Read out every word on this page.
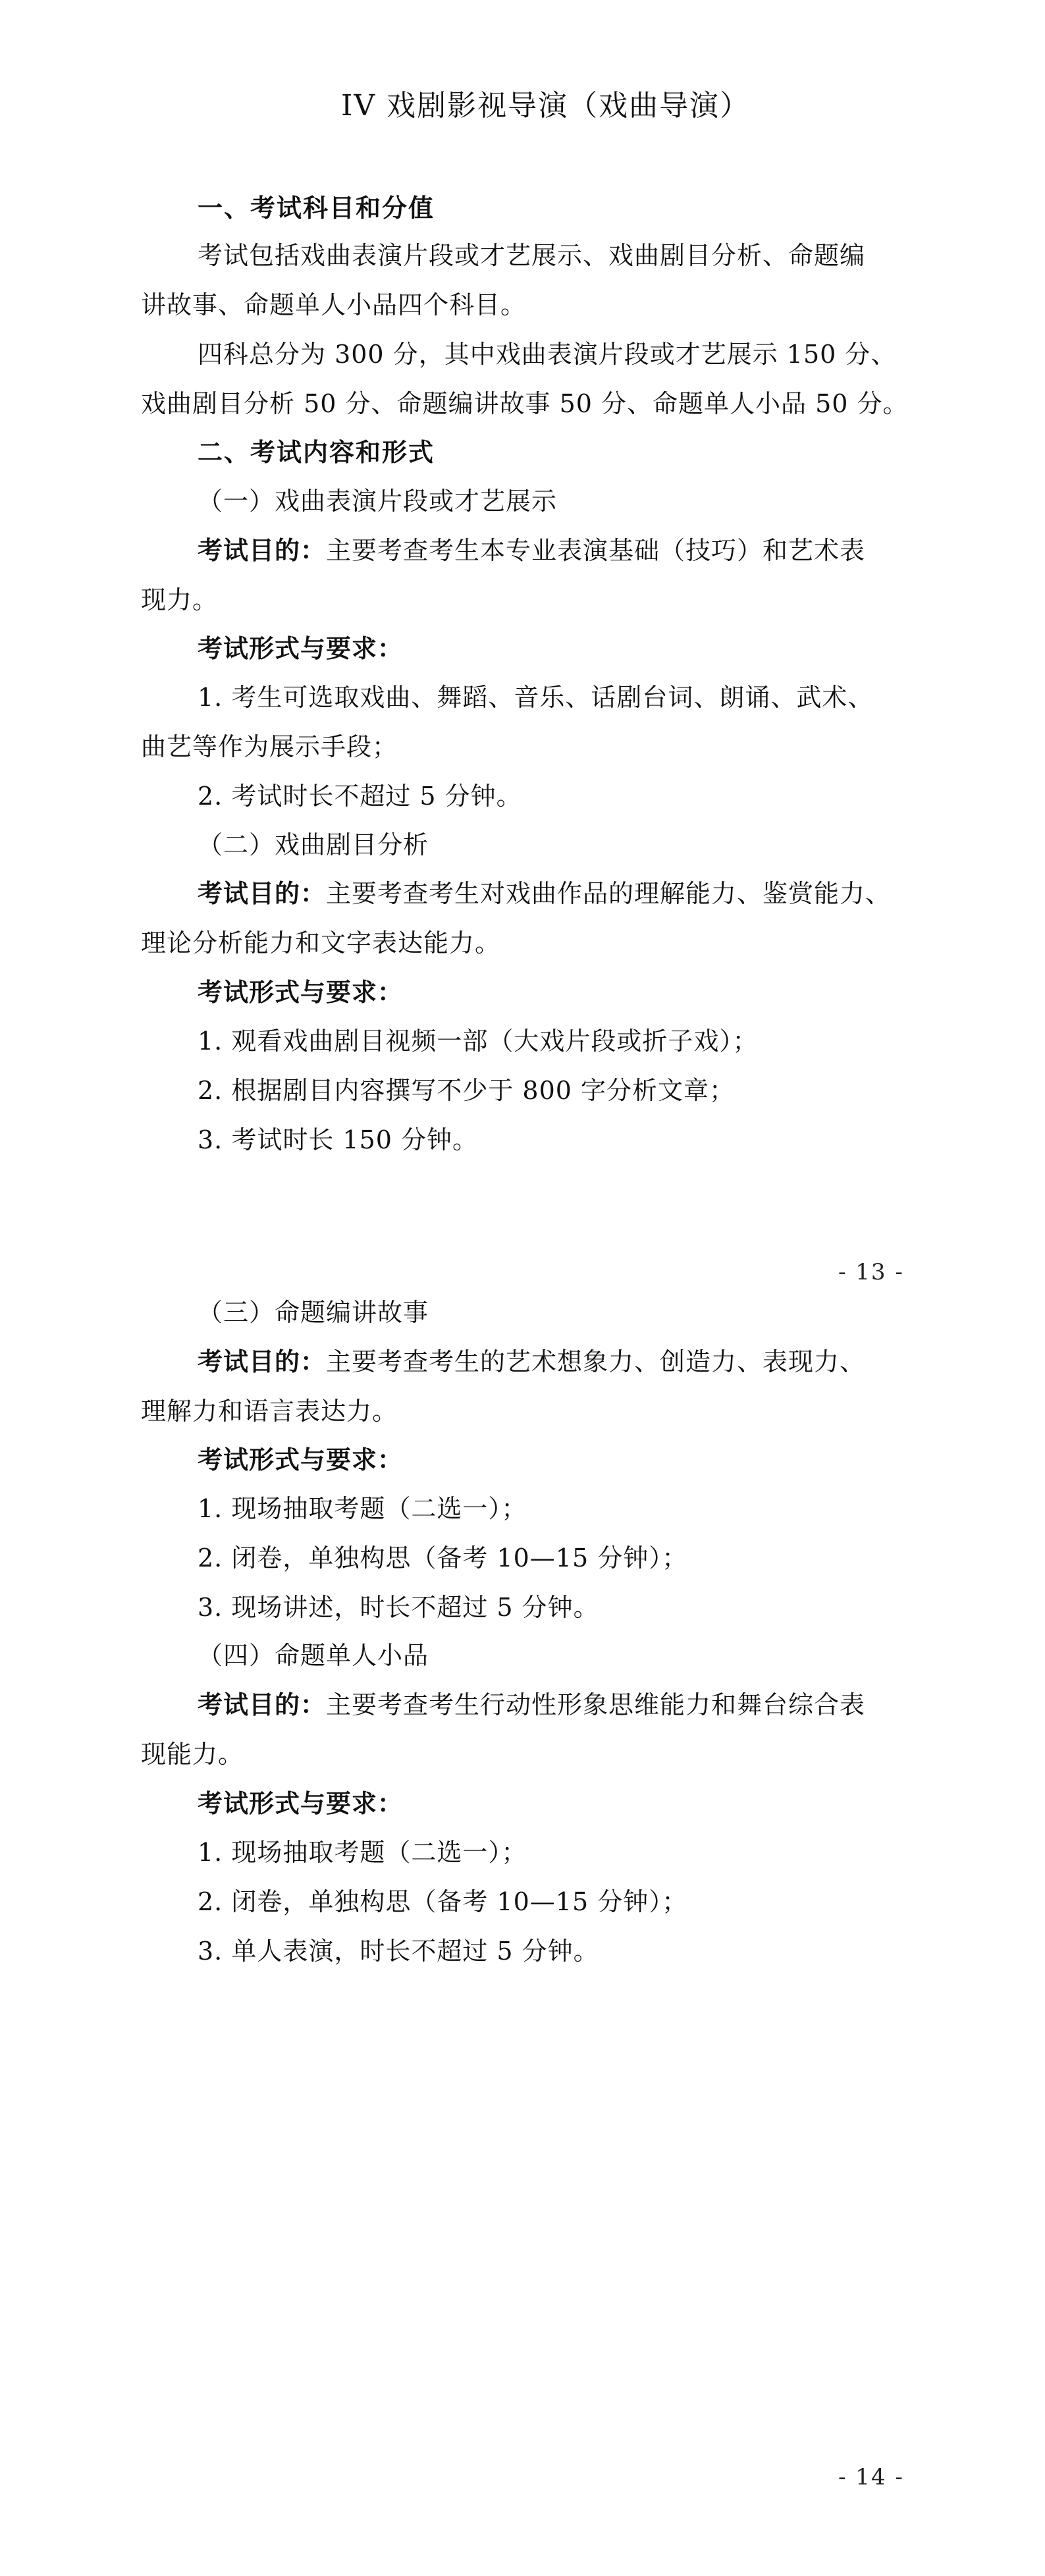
IV 戏剧影视导演（戏曲导演）
一、考试科目和分值
考试包括戏曲表演片段或才艺展示、戏曲剧目分析、命题编
讲故事、命题单人小品四个科目。
四科总分为 300 分，其中戏曲表演片段或才艺展示 150 分、
戏曲剧目分析 50 分、命题编讲故事 50 分、命题单人小品 50 分。
二、考试内容和形式
（一）戏曲表演片段或才艺展示
考试目的：主要考查考生本专业表演基础（技巧）和艺术表
现力。
考试形式与要求：
1. 考生可选取戏曲、舞蹈、音乐、话剧台词、朗诵、武术、
曲艺等作为展示手段；
2. 考试时长不超过 5 分钟。
（二）戏曲剧目分析
考试目的：主要考查考生对戏曲作品的理解能力、鉴赏能力、
理论分析能力和文字表达能力。
考试形式与要求：
1. 观看戏曲剧目视频一部（大戏片段或折子戏）；
2. 根据剧目内容撰写不少于 800 字分析文章；
3. 考试时长 150 分钟。
- 13 -
（三）命题编讲故事
考试目的：主要考查考生的艺术想象力、创造力、表现力、
理解力和语言表达力。
考试形式与要求：
1. 现场抽取考题（二选一）；
2. 闭卷，单独构思（备考 10—15 分钟）；
3. 现场讲述，时长不超过 5 分钟。
（四）命题单人小品
考试目的：主要考查考生行动性形象思维能力和舞台综合表
现能力。
考试形式与要求：
1. 现场抽取考题（二选一）；
2. 闭卷，单独构思（备考 10—15 分钟）；
3. 单人表演，时长不超过 5 分钟。
- 14 -
